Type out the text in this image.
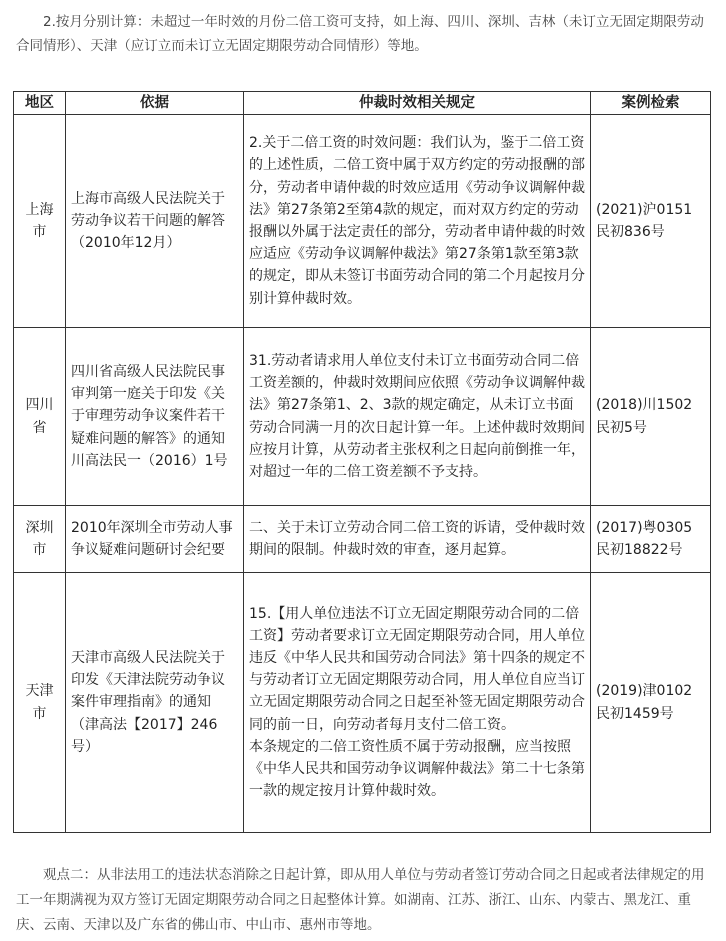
2.按月分别计算：未超过一年时效的月份二倍工资可支持，如上海、四川、深圳、吉林（未订立无固定期限劳动合同情形）、天津（应订立而未订立无固定期限劳动合同情形）等地。
地区	依据	仲裁时效相关规定	案例检索
上海市	上海市高级人民法院关于劳动争议若干问题的解答（2010年12月）	2.关于二倍工资的时效问题：我们认为，鉴于二倍工资的上述性质，二倍工资中属于双方约定的劳动报酬的部分，劳动者申请仲裁的时效应适用《劳动争议调解仲裁法》第27条第2至第4款的规定，而对双方约定的劳动报酬以外属于法定责任的部分，劳动者申请仲裁的时效应适应《劳动争议调解仲裁法》第27条第1款至第3款的规定，即从未签订书面劳动合同的第二个月起按月分别计算仲裁时效。	(2021)沪0151民初836号
四川省	四川省高级人民法院民事审判第一庭关于印发《关于审理劳动争议案件若干疑难问题的解答》的通知　　川高法民一（2016）1号	31.劳动者请求用人单位支付未订立书面劳动合同二倍工资差额的，仲裁时效期间应依照《劳动争议调解仲裁法》第27条第1、2、3款的规定确定，从未订立书面劳动合同满一月的次日起计算一年。上述仲裁时效期间应按月计算，从劳动者主张权利之日起向前倒推一年，对超过一年的二倍工资差额不予支持。	(2018)川1502民初5号
深圳市	2010年深圳全市劳动人事争议疑难问题研讨会纪要	二、关于未订立劳动合同二倍工资的诉请，受仲裁时效期间的限制。仲裁时效的审查，逐月起算。	(2017)粤0305民初18822号
天津市	天津市高级人民法院关于印发《天津法院劳动争议案件审理指南》的通知（津高法【2017】246号）	15.【用人单位违法不订立无固定期限劳动合同的二倍工资】劳动者要求订立无固定期限劳动合同，用人单位违反《中华人民共和国劳动合同法》第十四条的规定不与劳动者订立无固定期限劳动合同，用人单位自应当订立无固定期限劳动合同之日起至补签无固定期限劳动合同的前一日，向劳动者每月支付二倍工资。
本条规定的二倍工资性质不属于劳动报酬，应当按照《中华人民共和国劳动争议调解仲裁法》第二十七条第一款的规定按月计算仲裁时效。	(2019)津0102民初1459号
观点二：从非法用工的违法状态消除之日起计算，即从用人单位与劳动者签订劳动合同之日起或者法律规定的用工一年期满视为双方签订无固定期限劳动合同之日起整体计算。如湖南、江苏、浙江、山东、内蒙古、黑龙江、重庆、云南、天津以及广东省的佛山市、中山市、惠州市等地。
